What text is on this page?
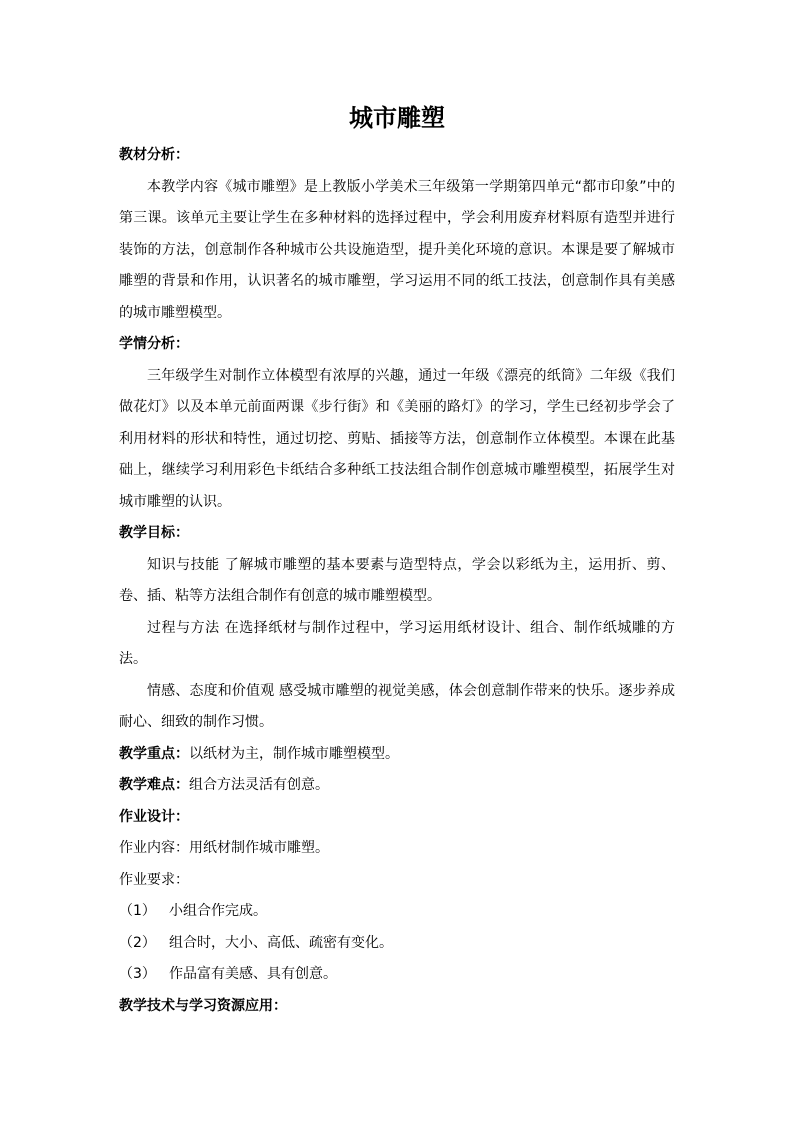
城市雕塑

教材分析：

本教学内容《城市雕塑》是上教版小学美术三年级第一学期第四单元“都市印象”中的第三课。该单元主要让学生在多种材料的选择过程中，学会利用废弃材料原有造型并进行装饰的方法，创意制作各种城市公共设施造型，提升美化环境的意识。本课是要了解城市雕塑的背景和作用，认识著名的城市雕塑，学习运用不同的纸工技法，创意制作具有美感的城市雕塑模型。

学情分析：

三年级学生对制作立体模型有浓厚的兴趣，通过一年级《漂亮的纸筒》二年级《我们做花灯》以及本单元前面两课《步行街》和《美丽的路灯》的学习，学生已经初步学会了利用材料的形状和特性，通过切挖、剪贴、插接等方法，创意制作立体模型。本课在此基础上，继续学习利用彩色卡纸结合多种纸工技法组合制作创意城市雕塑模型，拓展学生对城市雕塑的认识。

教学目标：

知识与技能 了解城市雕塑的基本要素与造型特点，学会以彩纸为主，运用折、剪、卷、插、粘等方法组合制作有创意的城市雕塑模型。

过程与方法 在选择纸材与制作过程中，学习运用纸材设计、组合、制作纸城雕的方法。

情感、态度和价值观 感受城市雕塑的视觉美感，体会创意制作带来的快乐。逐步养成耐心、细致的制作习惯。

教学重点：以纸材为主，制作城市雕塑模型。

教学难点：组合方法灵活有创意。

作业设计：

作业内容：用纸材制作城市雕塑。

作业要求：

（1） 小组合作完成。

（2） 组合时，大小、高低、疏密有变化。

（3） 作品富有美感、具有创意。

教学技术与学习资源应用：
